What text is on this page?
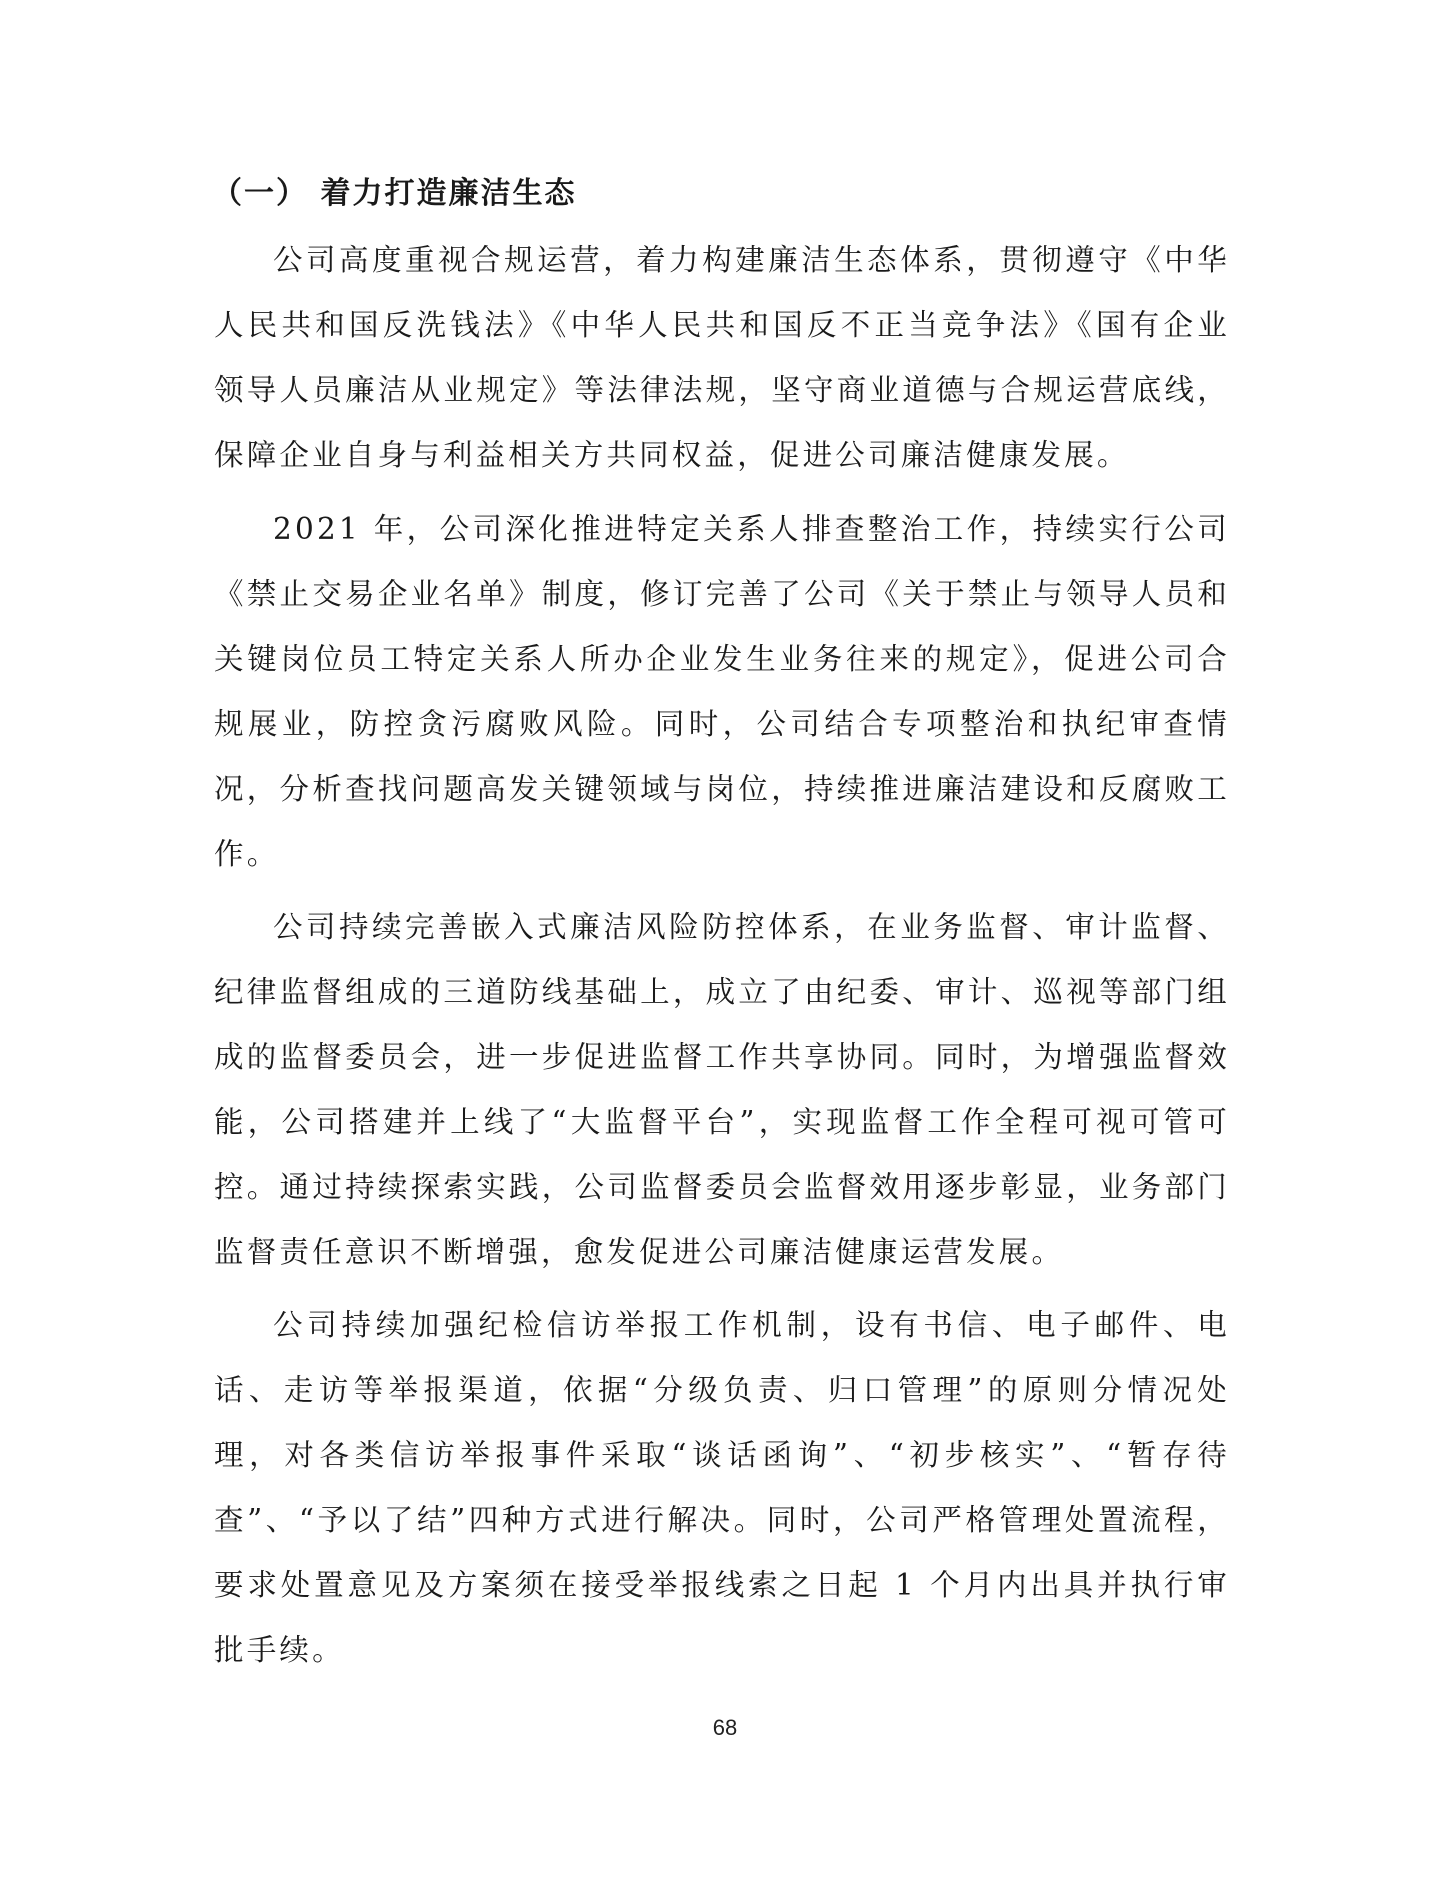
（一） 着力打造廉洁生态

公司高度重视合规运营，着力构建廉洁生态体系，贯彻遵守《中华人民共和国反洗钱法》《中华人民共和国反不正当竞争法》《国有企业领导人员廉洁从业规定》等法律法规，坚守商业道德与合规运营底线，保障企业自身与利益相关方共同权益，促进公司廉洁健康发展。

2021 年，公司深化推进特定关系人排查整治工作，持续实行公司《禁止交易企业名单》制度，修订完善了公司《关于禁止与领导人员和关键岗位员工特定关系人所办企业发生业务往来的规定》，促进公司合规展业，防控贪污腐败风险。同时，公司结合专项整治和执纪审查情况，分析查找问题高发关键领域与岗位，持续推进廉洁建设和反腐败工作。

公司持续完善嵌入式廉洁风险防控体系，在业务监督、审计监督、纪律监督组成的三道防线基础上，成立了由纪委、审计、巡视等部门组成的监督委员会，进一步促进监督工作共享协同。同时，为增强监督效能，公司搭建并上线了“大监督平台”，实现监督工作全程可视可管可控。通过持续探索实践，公司监督委员会监督效用逐步彰显，业务部门监督责任意识不断增强，愈发促进公司廉洁健康运营发展。

公司持续加强纪检信访举报工作机制，设有书信、电子邮件、电话、走访等举报渠道，依据“分级负责、归口管理”的原则分情况处理，对各类信访举报事件采取“谈话函询”、“初步核实”、“暂存待查”、“予以了结”四种方式进行解决。同时，公司严格管理处置流程，要求处置意见及方案须在接受举报线索之日起 1 个月内出具并执行审批手续。

68
